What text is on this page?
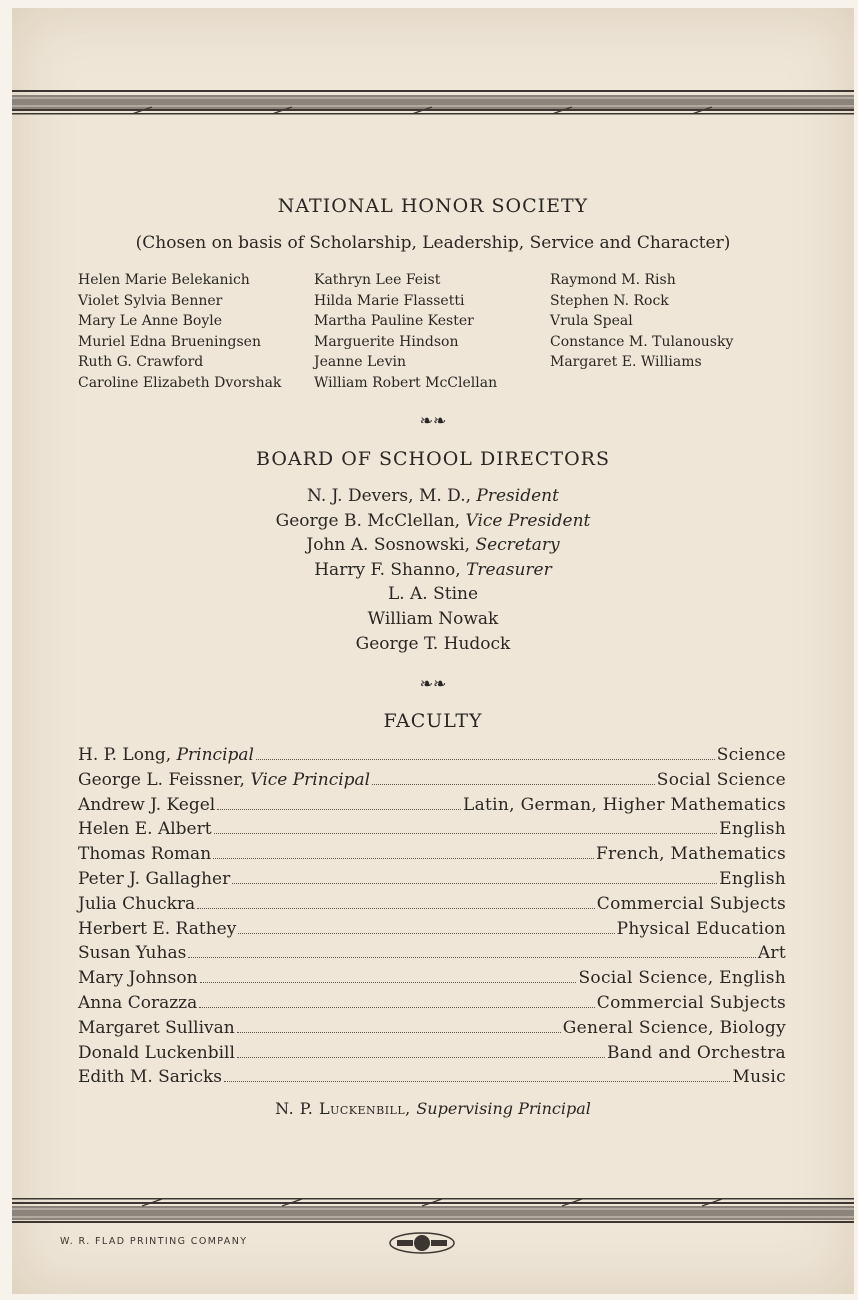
NATIONAL HONOR SOCIETY
(Chosen on basis of Scholarship, Leadership, Service and Character)
Helen Marie Belekanich
Violet Sylvia Benner
Mary Le Anne Boyle
Muriel Edna Brueningsen
Ruth G. Crawford
Caroline Elizabeth Dvorshak
Kathryn Lee Feist
Hilda Marie Flassetti
Martha Pauline Kester
Marguerite Hindson
Jeanne Levin
William Robert McClellan
Raymond M. Rish
Stephen N. Rock
Vrula Speal
Constance M. Tulanousky
Margaret E. Williams
❧❧
BOARD OF SCHOOL DIRECTORS
N. J. Devers, M. D., President
George B. McClellan, Vice President
John A. Sosnowski, Secretary
Harry F. Shanno, Treasurer
L. A. Stine
William Nowak
George T. Hudock
❧❧
FACULTY
H. P. Long, Principal	Science
George L. Feissner, Vice Principal	Social Science
Andrew J. Kegel	Latin, German, Higher Mathematics
Helen E. Albert	English
Thomas Roman	French, Mathematics
Peter J. Gallagher	English
Julia Chuckra	Commercial Subjects
Herbert E. Rathey	Physical Education
Susan Yuhas	Art
Mary Johnson	Social Science, English
Anna Corazza	Commercial Subjects
Margaret Sullivan	General Science, Biology
Donald Luckenbill	Band and Orchestra
Edith M. Saricks	Music
N. P. Luckenbill, Supervising Principal
W. R. FLAD PRINTING COMPANY
